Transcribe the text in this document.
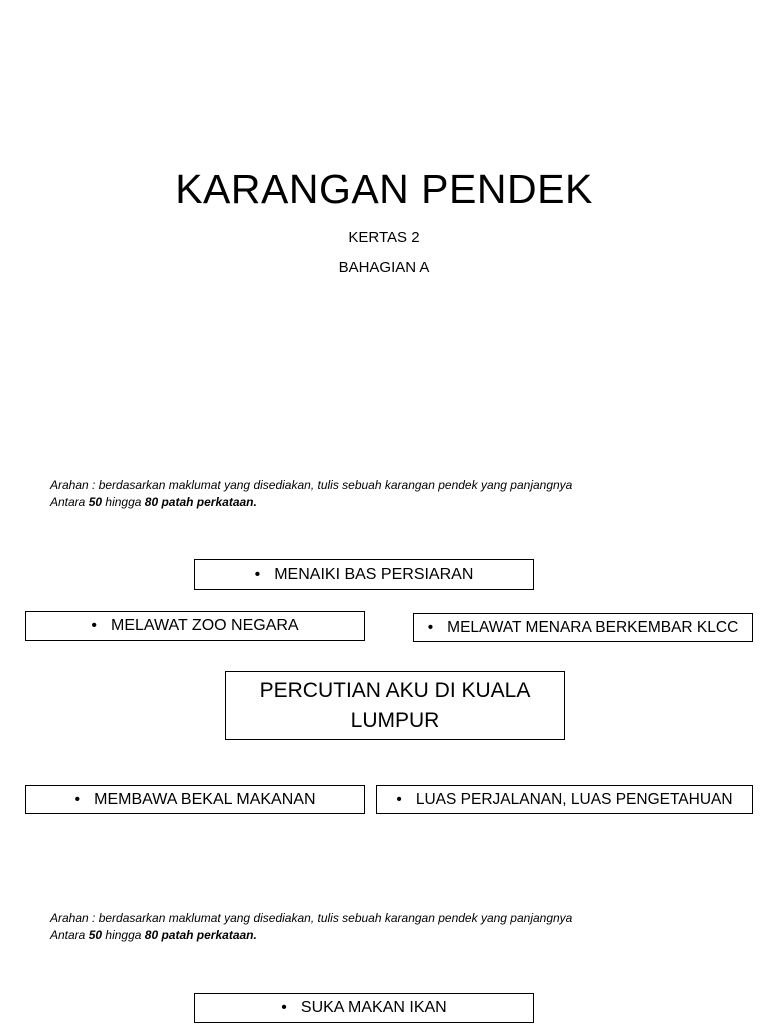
KARANGAN PENDEK
KERTAS 2
BAHAGIAN A
Arahan : berdasarkan maklumat yang disediakan, tulis sebuah karangan pendek yang panjangnya
Antara 50 hingga 80 patah perkataan.
• MENAIKI BAS PERSIARAN
• MELAWAT ZOO NEGARA	• MELAWAT MENARA BERKEMBAR KLCC
PERCUTIAN AKU DI KUALA
LUMPUR
• MEMBAWA BEKAL MAKANAN	• LUAS PERJALANAN, LUAS PENGETAHUAN
Arahan : berdasarkan maklumat yang disediakan, tulis sebuah karangan pendek yang panjangnya
Antara 50 hingga 80 patah perkataan.
• SUKA MAKAN IKAN
